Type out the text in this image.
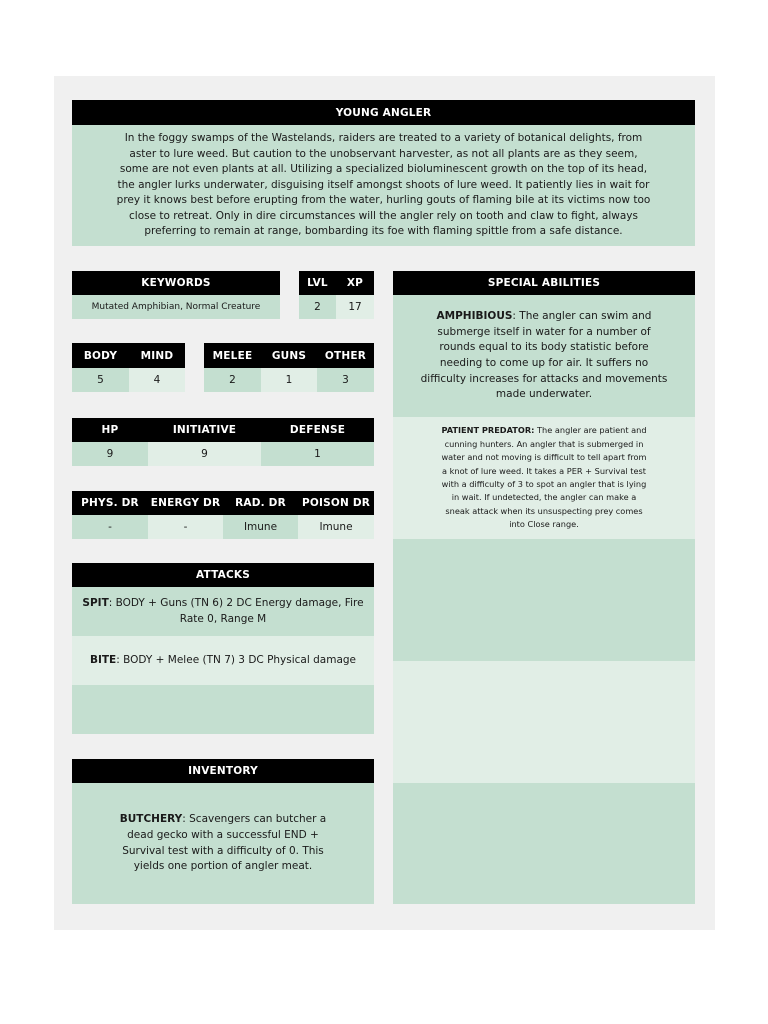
YOUNG ANGLER
In the foggy swamps of the Wastelands, raiders are treated to a variety of botanical delights, from aster to lure weed. But caution to the unobservant harvester, as not all plants are as they seem, some are not even plants at all. Utilizing a specialized bioluminescent growth on the top of its head, the angler lurks underwater, disguising itself amongst shoots of lure weed. It patiently lies in wait for prey it knows best before erupting from the water, hurling gouts of flaming bile at its victims now too close to retreat. Only in dire circumstances will the angler rely on tooth and claw to fight, always preferring to remain at range, bombarding its foe with flaming spittle from a safe distance.
KEYWORDS
Mutated Amphibian, Normal Creature
LVL	XP
2	17
BODY	MIND
5	4
MELEE	GUNS	OTHER
2	1	3
HP	INITIATIVE	DEFENSE
9	9	1
PHYS. DR	ENERGY DR	RAD. DR	POISON DR
-	-	Imune	Imune
ATTACKS
SPIT: BODY + Guns (TN 6) 2 DC Energy damage, Fire Rate 0, Range M
BITE: BODY + Melee (TN 7) 3 DC Physical damage
INVENTORY
BUTCHERY: Scavengers can butcher a dead gecko with a successful END + Survival test with a difficulty of 0. This yields one portion of angler meat.
SPECIAL ABILITIES
AMPHIBIOUS: The angler can swim and submerge itself in water for a number of rounds equal to its body statistic before needing to come up for air. It suffers no difficulty increases for attacks and movements made underwater.
PATIENT PREDATOR: The angler are patient and cunning hunters. An angler that is submerged in water and not moving is difficult to tell apart from a knot of lure weed. It takes a PER + Survival test with a difficulty of 3 to spot an angler that is lying in wait. If undetected, the angler can make a sneak attack when its unsuspecting prey comes into Close range.
